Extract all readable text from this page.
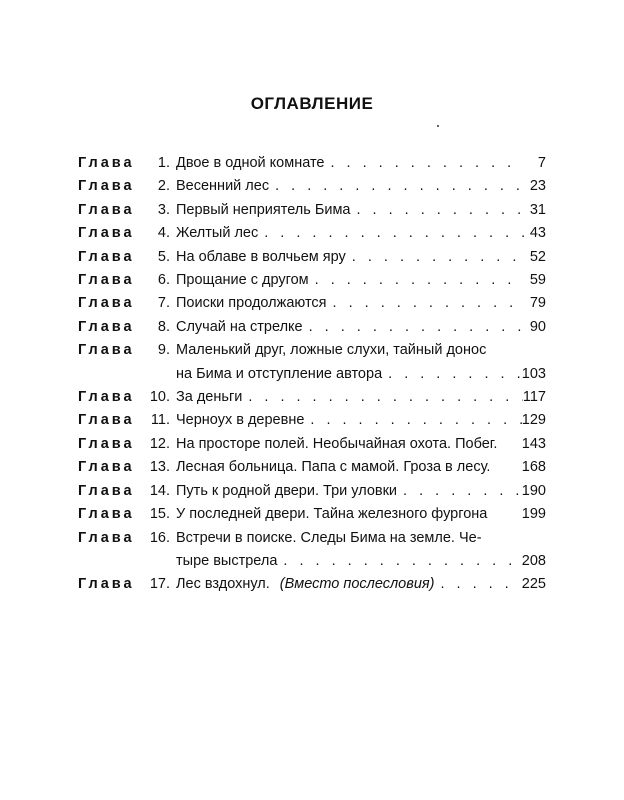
ОГЛАВЛЕНИЕ
Глава	1. Двое в одной комнате . . .	7
Глава	2. Весенний лес . . .	23
Глава	3. Первый неприятель Бима . . .	31
Глава	4. Желтый лес . . .	43
Глава	5. На облаве в волчьем яру . . .	52
Глава	6. Прощание с другом . . .	59
Глава	7. Поиски продолжаются . . .	79
Глава	8. Случай на стрелке . . .	90
Глава	9. Маленький друг, ложные слухи, тайный донос
на Бима и отступление автора . . .	103
Глава	10. За деньги . . .	117
Глава	11. Черноух в деревне . . .	129
Глава	12. На просторе полей. Необычайная охота. Побег. 143
Глава	13. Лесная больница. Папа с мамой. Гроза в лесу. 168
Глава	14. Путь к родной двери. Три уловки . . .	190
Глава	15. У последней двери. Тайна железного фургона 199
Глава	16. Встречи в поиске. Следы Бима на земле. Че-
тыре выстрела . . .	208
Глава	17. Лес вздохнул. (Вместо послесловия) . . .	225
